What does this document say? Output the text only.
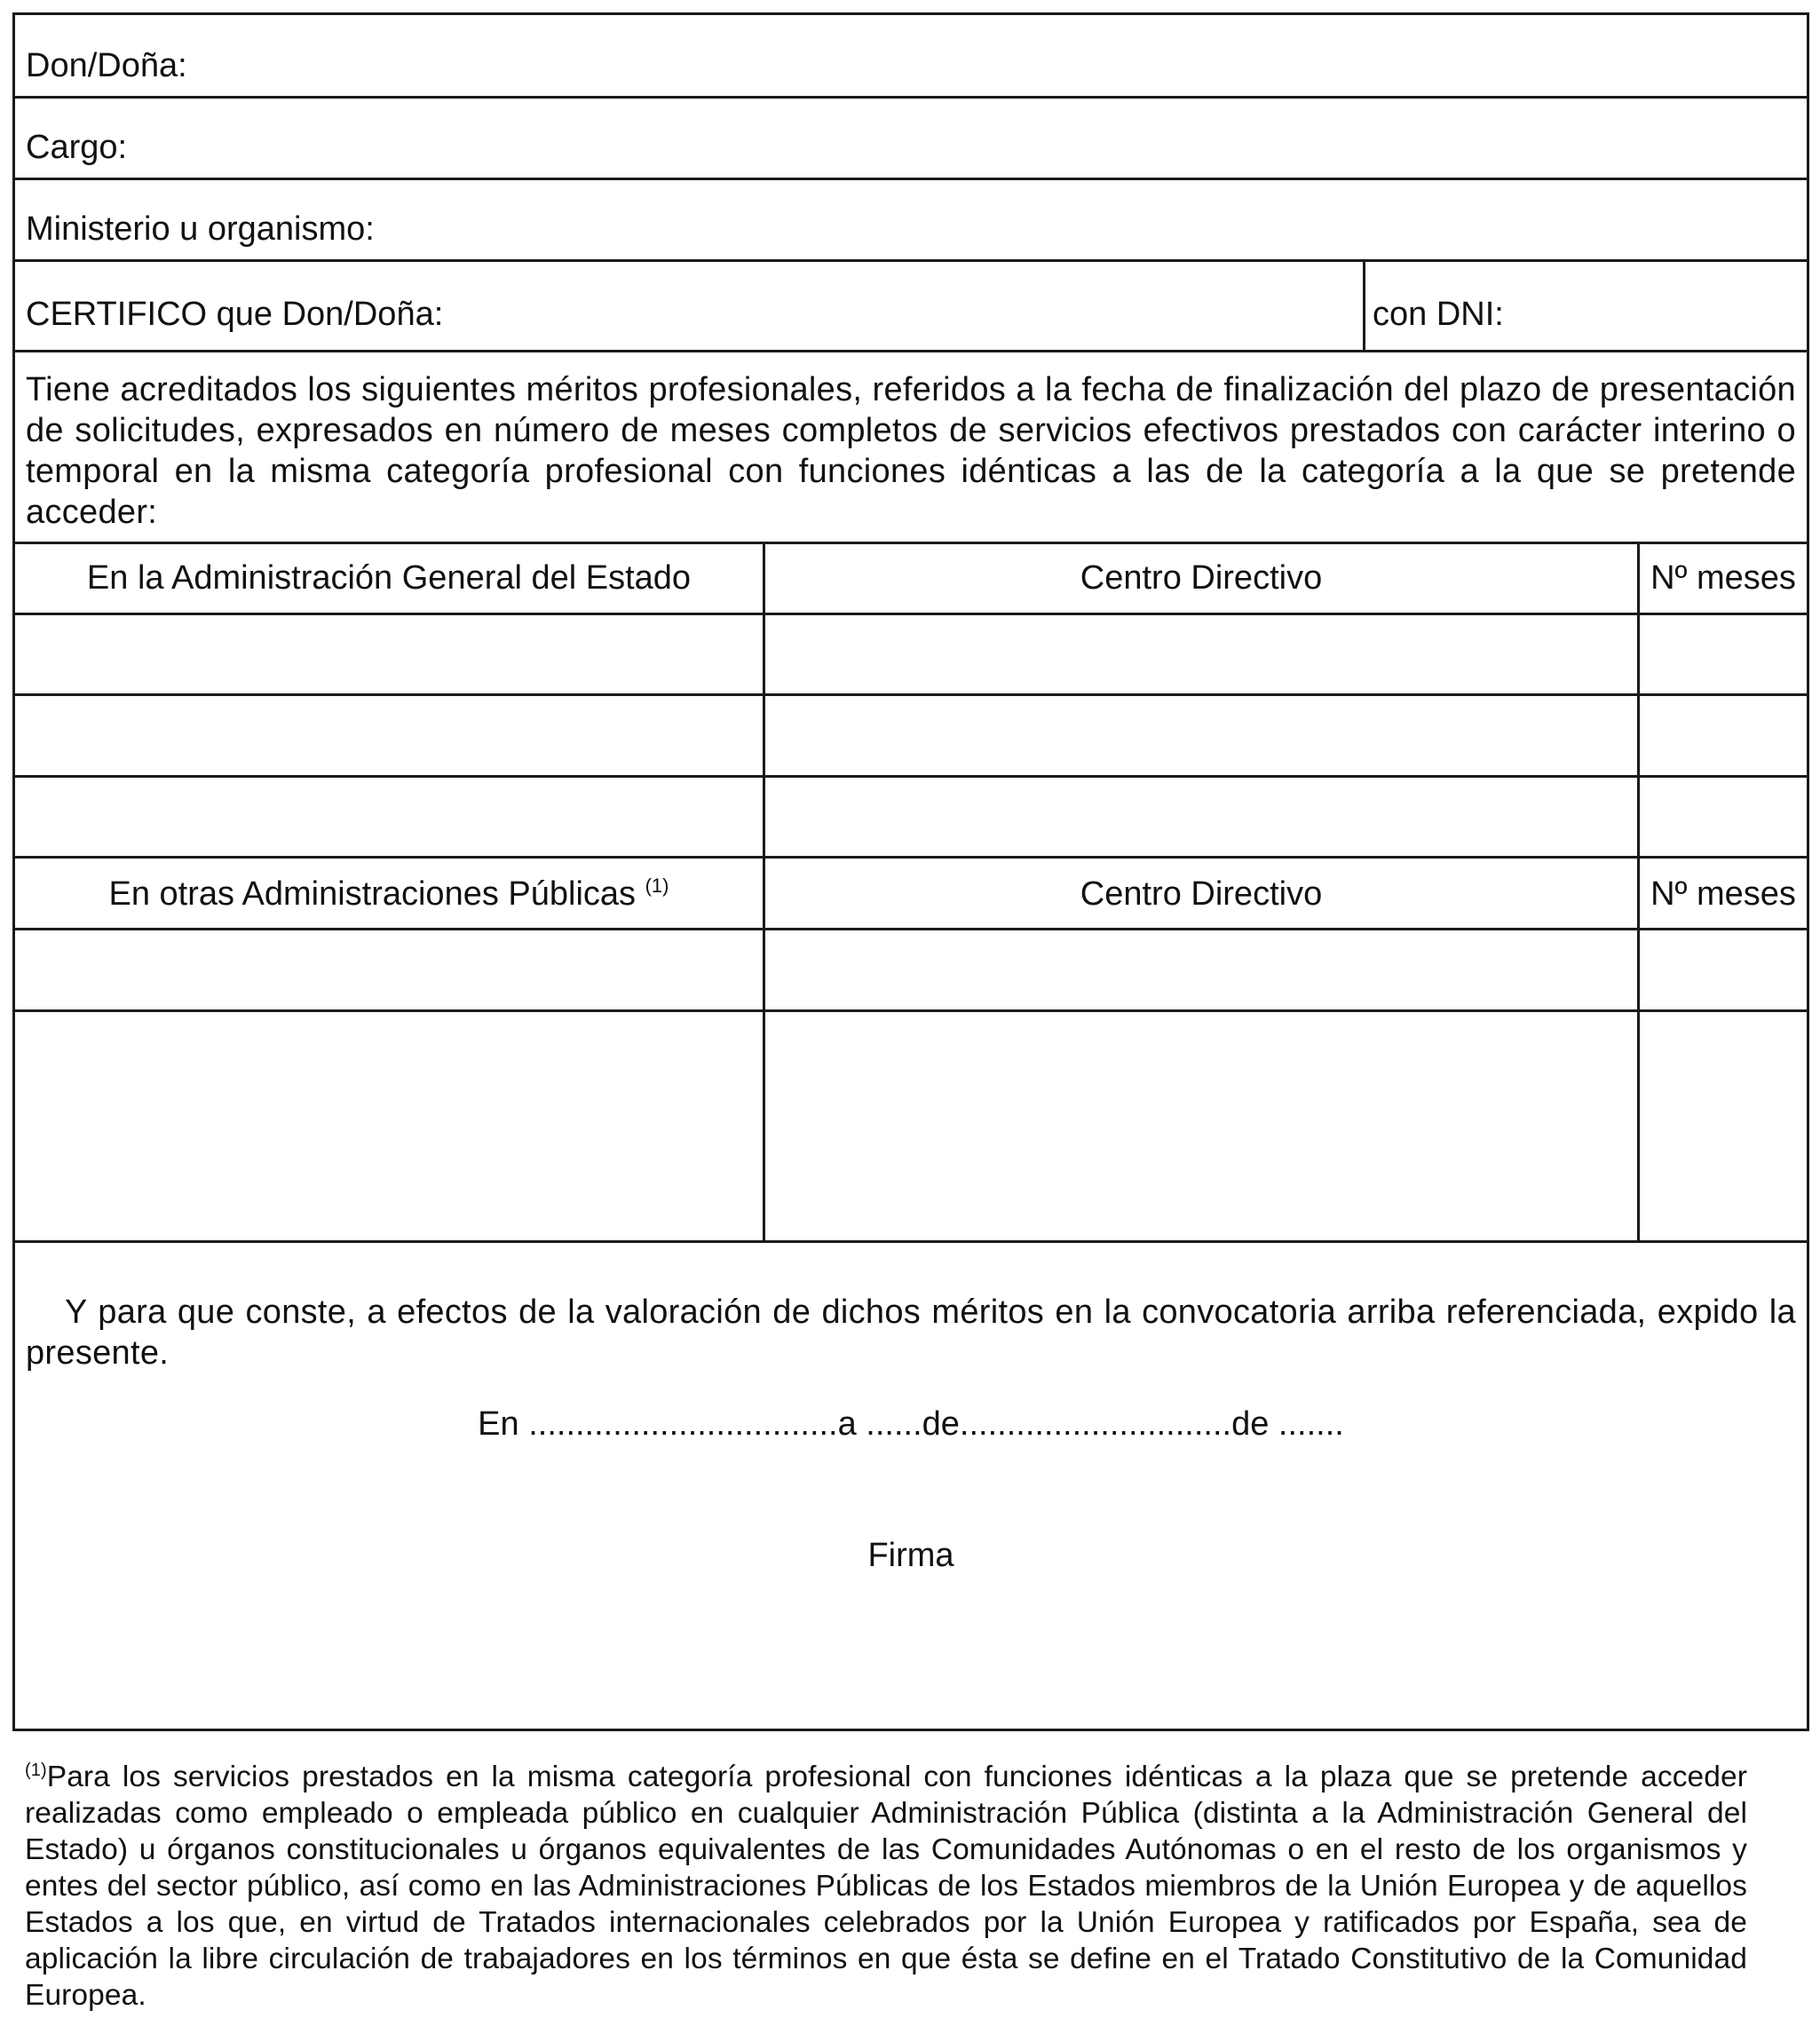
Don/Doña:
Cargo:
Ministerio u organismo:
CERTIFICO que Don/Doña:	con DNI:
Tiene acreditados los siguientes méritos profesionales, referidos a la fecha de finalización del plazo de presentación de solicitudes, expresados en número de meses completos de servicios efectivos prestados con carácter interino o temporal en la misma categoría profesional con funciones idénticas a las de la categoría a la que se pretende acceder:
En la Administración General del Estado	Centro Directivo	Nº meses
En otras Administraciones Públicas $^{(1)}$	Centro Directivo	Nº meses
Y para que conste, a efectos de la valoración de dichos méritos en la convocatoria arriba referenciada, expido la presente.
En .................................a ......de.............................de .......
Firma
$^{(1)}$Para los servicios prestados en la misma categoría profesional con funciones idénticas a la plaza que se pretende acceder realizadas como empleado o empleada público en cualquier Administración Pública (distinta a la Administración General del Estado) u órganos constitucionales u órganos equivalentes de las Comunidades Autónomas o en el resto de los organismos y entes del sector público, así como en las Administraciones Públicas de los Estados miembros de la Unión Europea y de aquellos Estados a los que, en virtud de Tratados internacionales celebrados por la Unión Europea y ratificados por España, sea de aplicación la libre circulación de trabajadores en los términos en que ésta se define en el Tratado Constitutivo de la Comunidad Europea.
